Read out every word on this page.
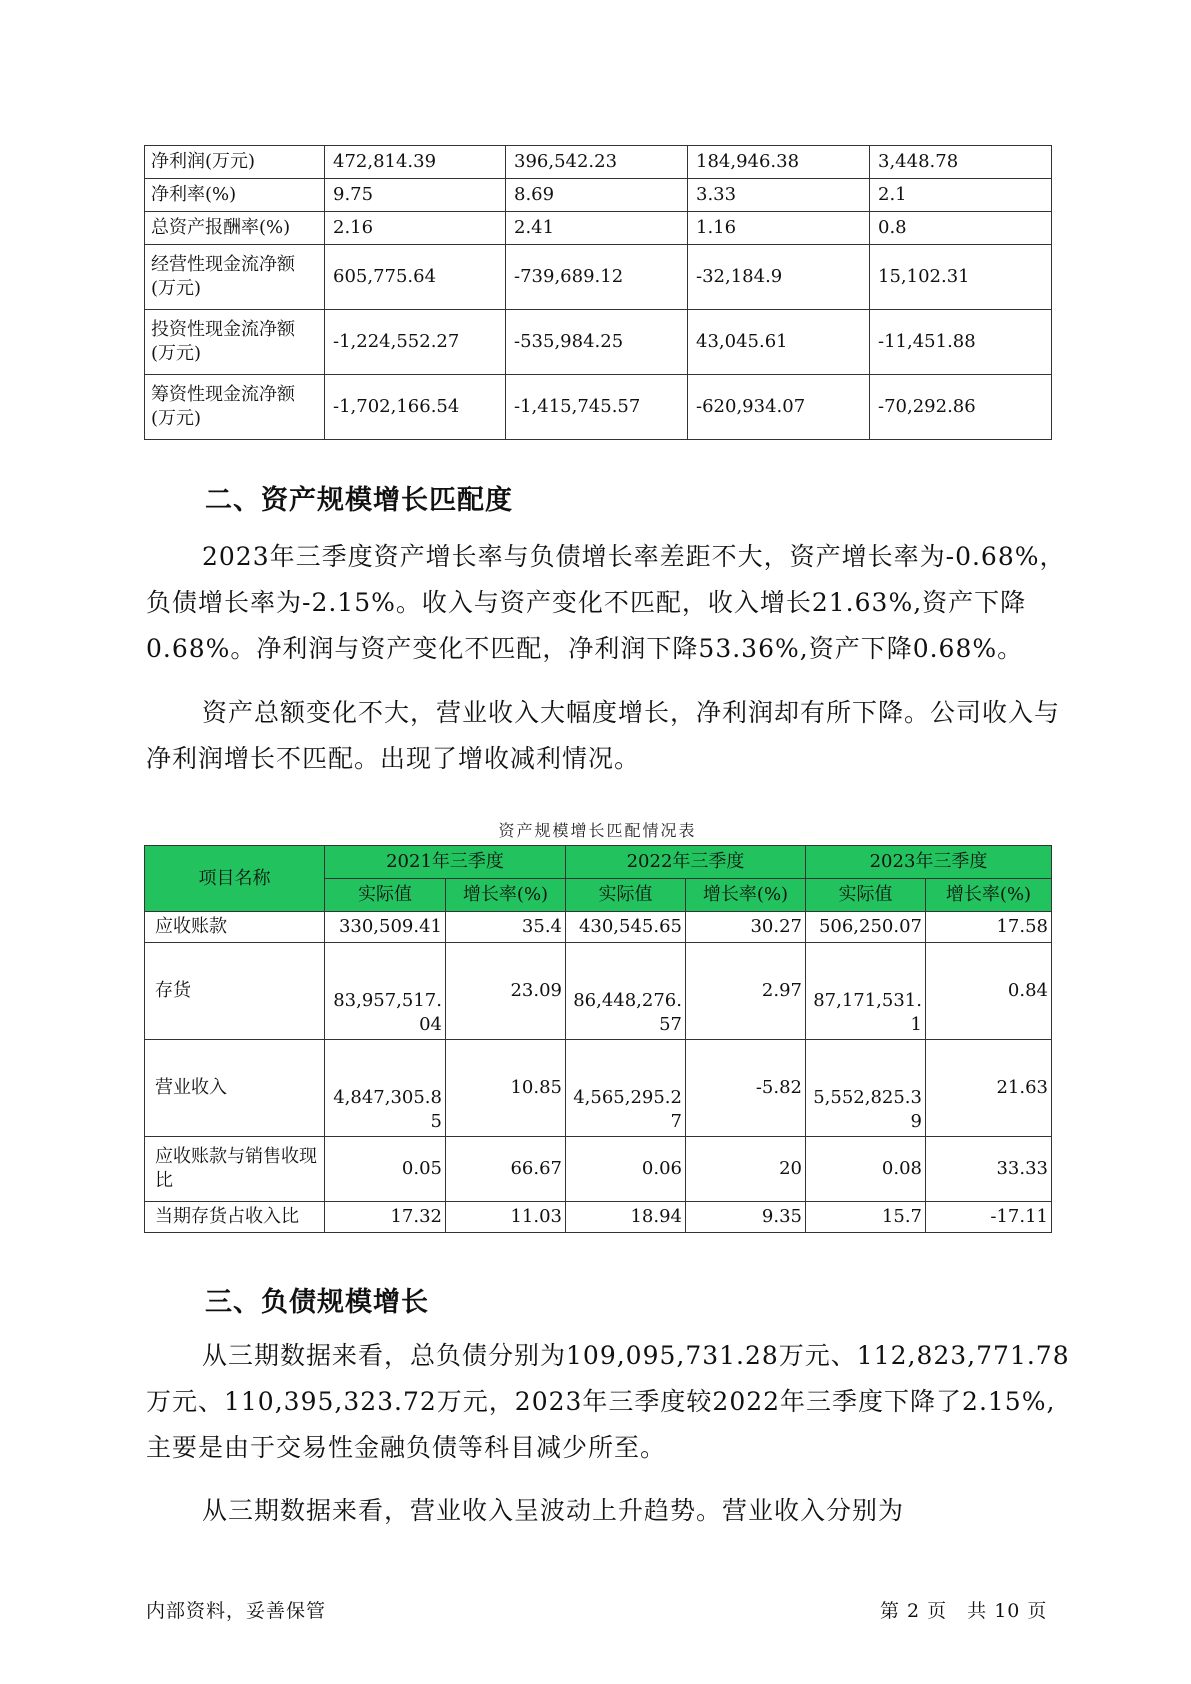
净利润(万元)	472,814.39	396,542.23	184,946.38	3,448.78
净利率(%)	9.75	8.69	3.33	2.1
总资产报酬率(%)	2.16	2.41	1.16	0.8
经营性现金流净额(万元)	605,775.64	-739,689.12	-32,184.9	15,102.31
投资性现金流净额(万元)	-1,224,552.27	-535,984.25	43,045.61	-11,451.88
筹资性现金流净额(万元)	-1,702,166.54	-1,415,745.57	-620,934.07	-70,292.86
二、资产规模增长匹配度

2023年三季度资产增长率与负债增长率差距不大，资产增长率为-0.68%，负债增长率为-2.15%。收入与资产变化不匹配，收入增长21.63%,资产下降0.68%。净利润与资产变化不匹配，净利润下降53.36%,资产下降0.68%。

资产总额变化不大，营业收入大幅度增长，净利润却有所下降。公司收入与净利润增长不匹配。出现了增收减利情况。

资产规模增长匹配情况表
项目名称	2021年三季度		2022年三季度		2023年三季度	
	实际值	增长率(%)	实际值	增长率(%)	实际值	增长率(%)
应收账款	330,509.41	35.4	430,545.65	30.27	506,250.07	17.58
存货	83,957,517.04	23.09	86,448,276.57	2.97	87,171,531.1	0.84
营业收入	4,847,305.85	10.85	4,565,295.27	-5.82	5,552,825.39	21.63
应收账款与销售收现比	0.05	66.67	0.06	20	0.08	33.33
当期存货占收入比	17.32	11.03	18.94	9.35	15.7	-17.11
三、负债规模增长

从三期数据来看，总负债分别为109,095,731.28万元、112,823,771.78万元、110,395,323.72万元，2023年三季度较2022年三季度下降了2.15%,主要是由于交易性金融负债等科目减少所至。

从三期数据来看，营业收入呈波动上升趋势。营业收入分别为

内部资料，妥善保管	第 2 页　共 10 页
